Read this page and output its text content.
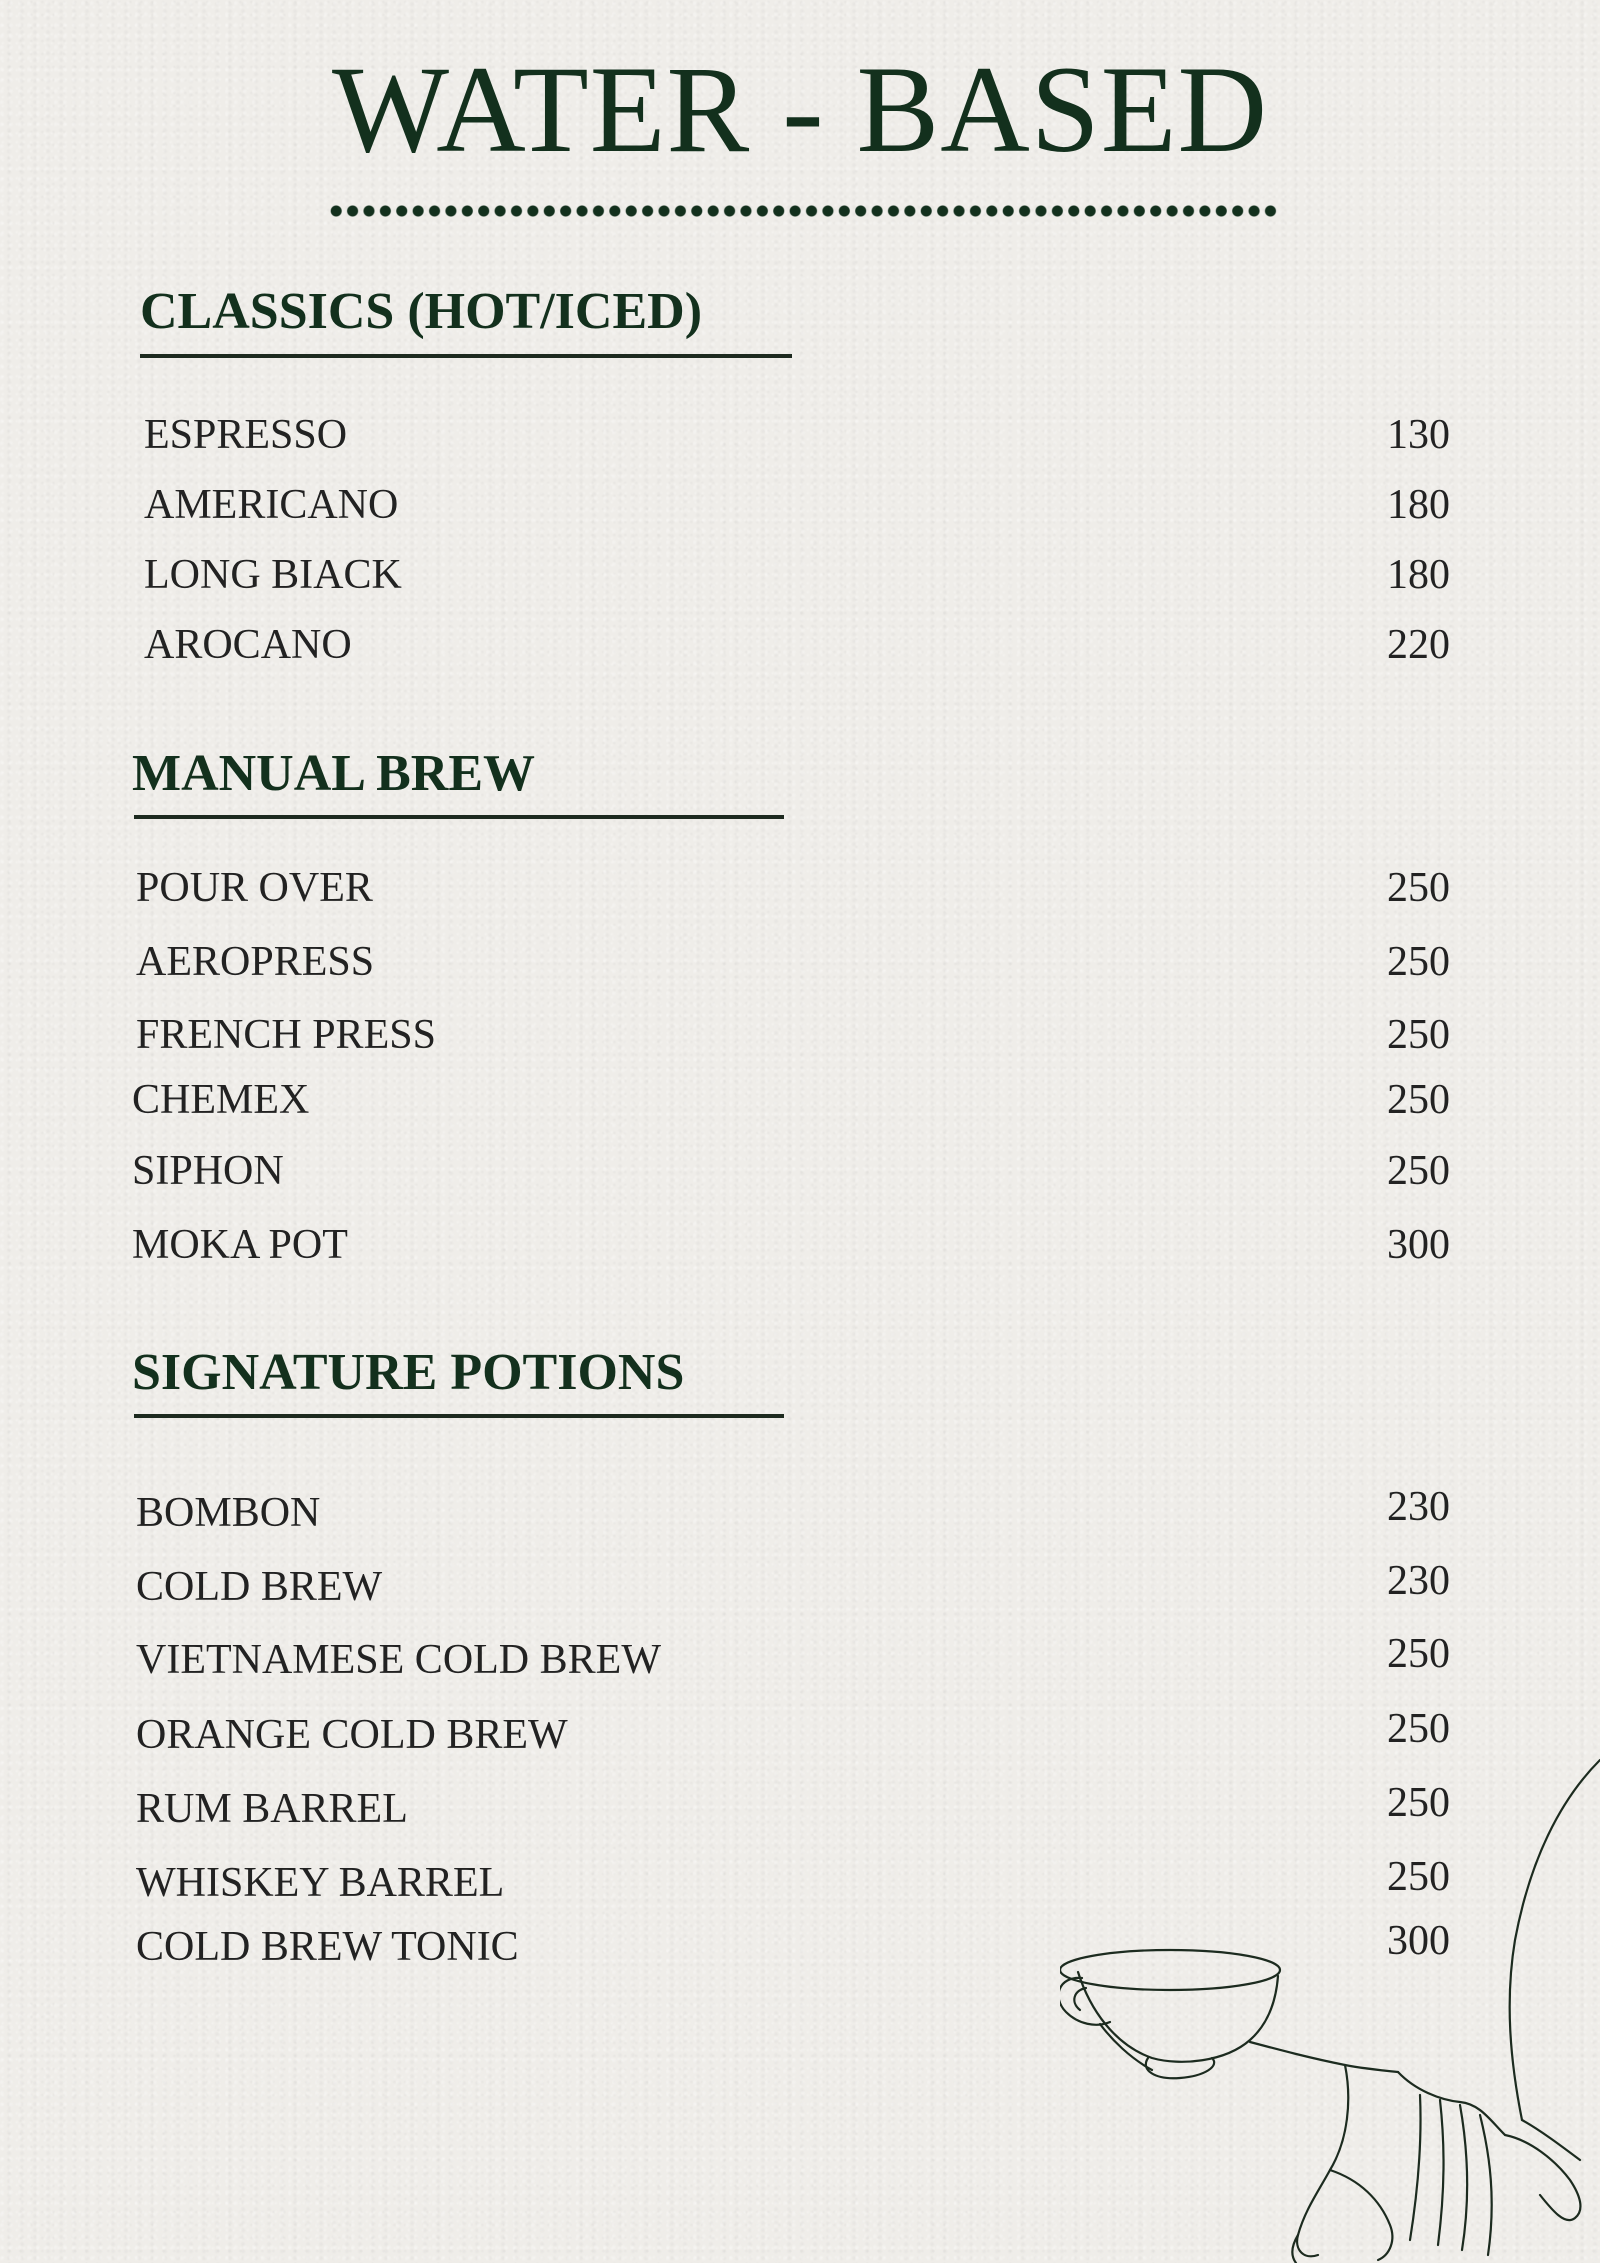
WATER - BASED
CLASSICS (HOT/ICED)
ESPRESSO	130
AMERICANO	180
LONG BIACK	180
AROCANO	220
MANUAL BREW
POUR OVER	250
AEROPRESS	250
FRENCH PRESS	250
CHEMEX	250
SIPHON	250
MOKA POT	300
SIGNATURE POTIONS
BOMBON	230
COLD BREW	230
VIETNAMESE COLD BREW	250
ORANGE COLD BREW	250
RUM BARREL	250
WHISKEY BARREL	250
COLD BREW TONIC	300
